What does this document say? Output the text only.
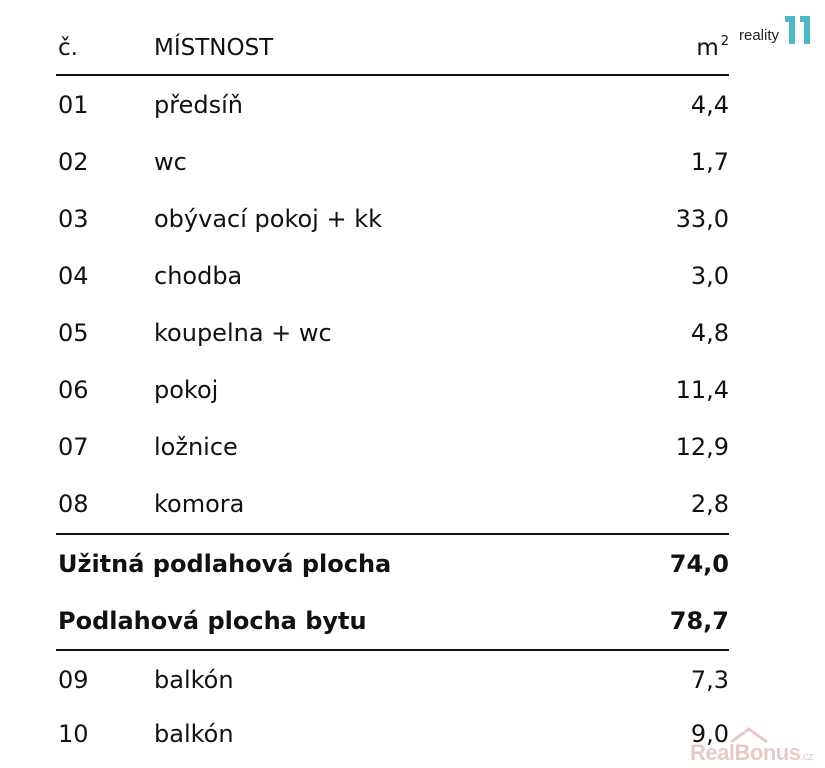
reality
č.	MÍSTNOST	m $^2$
01	předsíň	4,4
02	wc	1,7
03	obývací pokoj + kk	33,0
04	chodba	3,0
05	koupelna + wc	4,8
06	pokoj	11,4
07	ložnice	12,9
08	komora	2,8
Užitná podlahová plocha	74,0
Podlahová plocha bytu	78,7
09	balkón	7,3
10	balkón	9,0
RealBonus.cz
